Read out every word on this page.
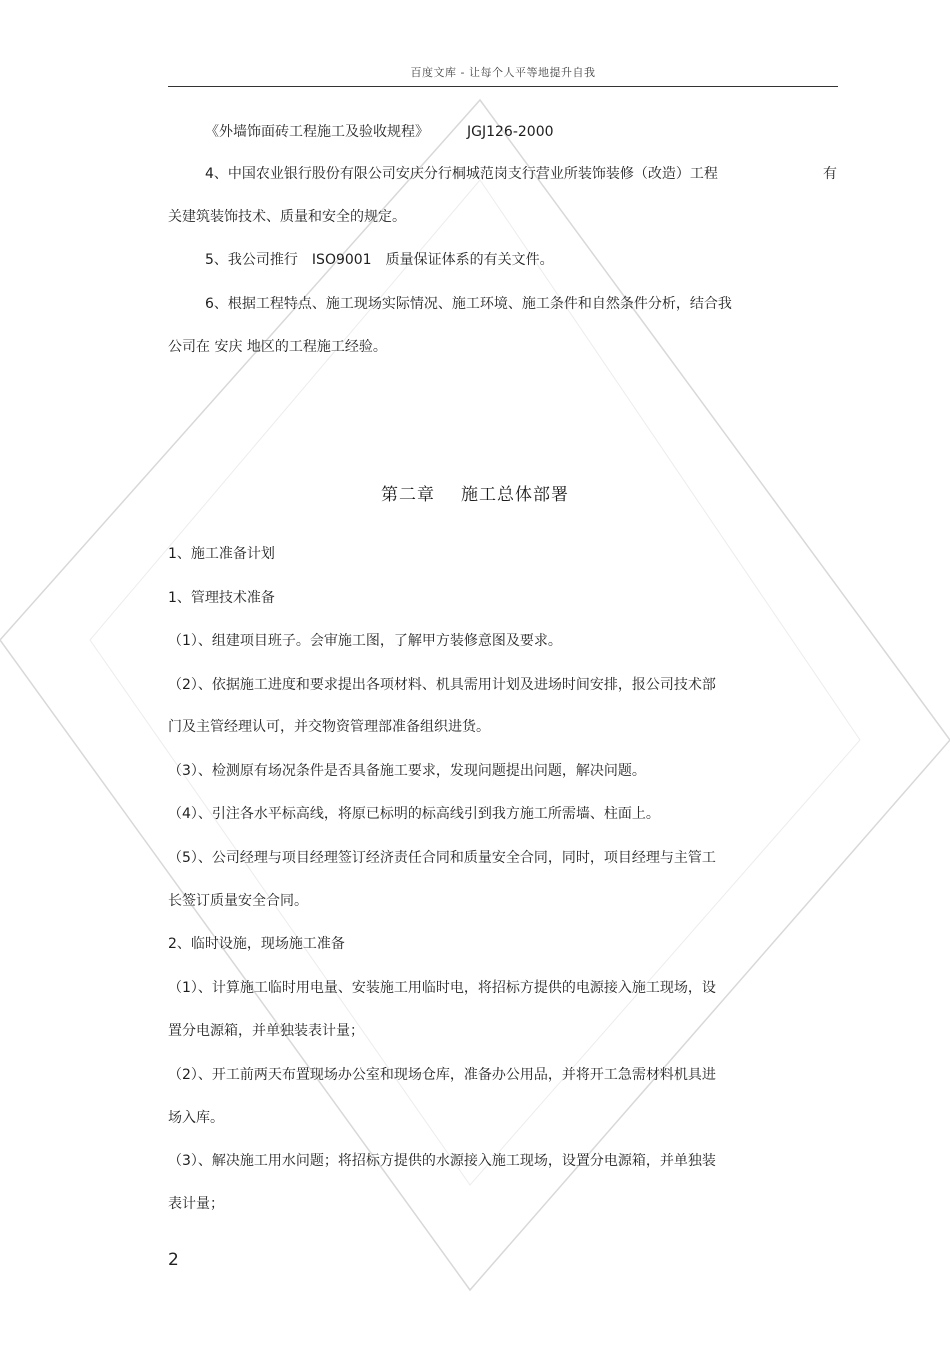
百度文库 - 让每个人平等地提升自我
《外墙饰面砖工程施工及验收规程》	JGJ126-2000
4、中国农业银行股份有限公司安庆分行桐城范岗支行营业所装饰装修（改造）工程	有
关建筑装饰技术、质量和安全的规定。
5、我公司推行 ISO9001 质量保证体系的有关文件。
6、根据工程特点、施工现场实际情况、施工环境、施工条件和自然条件分析，结合我
公司在 安庆 地区的工程施工经验。
第二章 施工总体部署
1、施工准备计划
1、管理技术准备
（1）、组建项目班子。会审施工图，了解甲方装修意图及要求。
（2）、依据施工进度和要求提出各项材料、机具需用计划及进场时间安排，报公司技术部
门及主管经理认可，并交物资管理部准备组织进货。
（3）、检测原有场况条件是否具备施工要求，发现问题提出问题，解决问题。
（4）、引注各水平标高线，将原已标明的标高线引到我方施工所需墙、柱面上。
（5）、公司经理与项目经理签订经济责任合同和质量安全合同，同时，项目经理与主管工
长签订质量安全合同。
2、临时设施，现场施工准备
（1）、计算施工临时用电量、安装施工用临时电，将招标方提供的电源接入施工现场，设
置分电源箱，并单独装表计量；
（2）、开工前两天布置现场办公室和现场仓库，准备办公用品，并将开工急需材料机具进
场入库。
（3）、解决施工用水问题；将招标方提供的水源接入施工现场，设置分电源箱，并单独装
表计量；
2
